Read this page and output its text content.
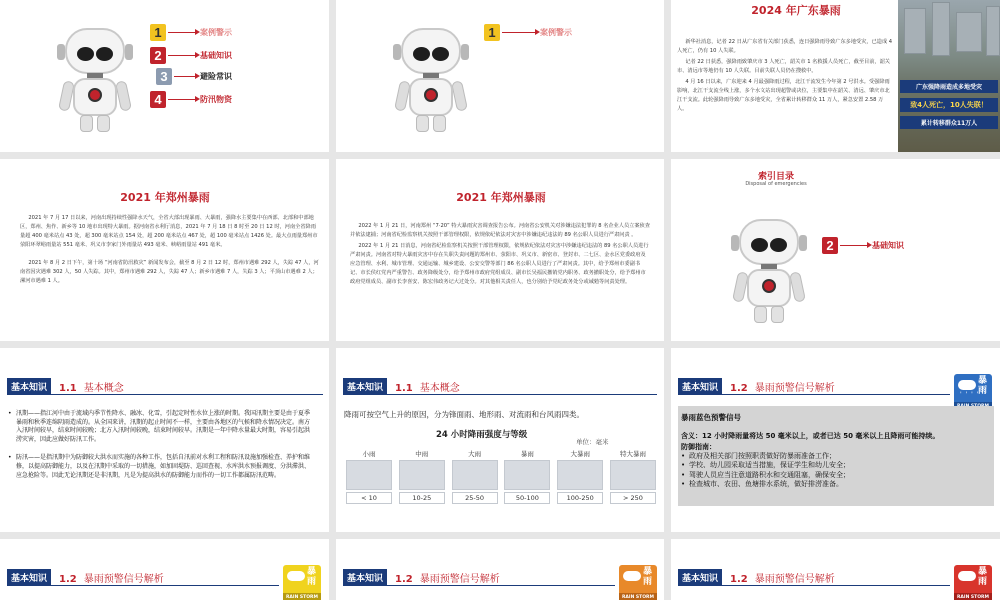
1	案例警示
2	基础知识
3	避险常识
4	防汛物资
1	案例警示
2024 年广东暴雨

新华社消息，记者 22 日从广东省有关部门获悉，连日强降雨导致广东多地受灾，已造成 4 人死亡，仍有 10 人失联。

记者 22 日获悉，强降雨致肇庆市 3 人死亡，韶关市 1 名救援人员死亡，截至目前，韶关市、清远市等地仍有 10 人失联。目前失联人员仍在搜救中。

4 月 16 日以来，广东迎来 4 月最强降雨过程，北江干流发生今年第 2 号洪水。受强降雨影响，北江干支流全线上涨，多个水文站出现超警或决位，主要集中在韶关、清远、肇庆市北江干支流。此轮强降雨导致广东多地受灾，全省累计转移群众 11 万人，紧急安置 2.58 万人。

广东强降雨造成多地受灾
致4人死亡，10人失联！
累计转移群众11万人
2021 年郑州暴雨

2021 年 7 月 17 日以来，河南出现持续性强降水天气，全省大部出现暴雨、大暴雨，强降水主要集中在西部、北部和中部地区，郑州、焦作、新乡等 10 地市出现特大暴雨。据河南省水利厅消息，2021 年 7 月 18 日 8 时至 20 日 12 时，河南全省降雨量超 400 毫米站点 43 处，超 300 毫米站点 154 处，超 200 毫米站点 467 处，超 100 毫米站点 1426 处。最大点雨量郑州市荥阳环翠峪雨量站 551 毫米、巩义市李家门外雨量站 493 毫米、峡峪雨量站 491 毫米。

2021 年 8 月 2 日下午，第十场 “河南省防汛救灾” 新闻发布会，截至 8 月 2 日 12 时，郑州市遇难 292 人，失踪 47 人，河南省因灾遇难 302 人，50 人失踪。其中，郑州市遇难 292 人，失踪 47 人；新乡市遇难 7 人，失踪 3 人；平顶山市遇难 2 人；漯河市遇难 1 人。

2021 年郑州暴雨

2022 年 1 月 21 日，河南郑州 “7·20” 特大暴雨灾害调查报告公布。河南省公安机关对涉嫌违法犯罪的 8 名企业人员立案侦查并依法逮捕；河南省纪检监察机关按照干部管理权限，依规依纪依法对灾害中涉嫌违纪违法的 89 名公职人员进行严肃问责 。

2022 年 1 月 21 日消息，河南省纪检监察机关按照干部管理权限，依规依纪依法对灾害中涉嫌违纪违法的 89 名公职人员进行严肃问责。河南省对特大暴雨灾害中存在失职失责问题的郑州市、荥阳市、巩义市、新密市、登封市、二七区、金水区党委政府及应急管理、水利、城市管理、交通运输、城乡建设、公安交警等部门 86 名公职人员进行了严肃问责。其中，给予郑州市委副书记、市长侯红党内严重警告、政务降级处分，给予郑州市政府党组成员、副市长吴福民撤销党内职务、政务撤职处分，给予郑州市政府党组成员、副市长李喜安、陈宏伟政务记大过处分。对其他相关责任人，也分别给予党纪政务处分或诫勉等问责处理。

索引目录
Disposal of emergencies
2	基础知识
基本知识	1.1 基本概念
• 汛期——指江河中由于流域内季节性降水、融冰、化雪，引起定时性水位上涨的时期。我国汛期主要是由于夏季暴雨和秋季连绵阴雨造成的。从全国来讲，汛期的起止时间不一样，主要由各地区的气候和降水情况决定。南方入汛时间较早，结束时间较晚；北方入汛时间较晚，结束时间较早。汛期是一年中降水量最大时期，容易引起洪涝灾害，因此应做好防汛工作。
• 防汛——是指汛期中为防御较大洪水而实施的各种工作，包括自汛前对水利工程和防汛设施加强检查、养护和维修，以提高防御能力，以及在汛期中采取的一切措施，如加固堤防、巡回查视、水库洪水预报调度、分洪滞洪、应急抢险等。因此无论汛期还是非汛期，凡是为提高洪水的防御能力而作的一切工作都属防汛范畴。
基本知识	1.1 基本概念
降雨可按空气上升的原因，分为锋面雨、地形雨、对流雨和台风雨四类。
24 小时降雨强度与等级
单位：毫米
小雨	中雨	大雨	暴雨	大暴雨	特大暴雨
< 10	10-25	25-50	50-100	100-250	> 250
基本知识	1.2 暴雨预警信号解析
' ' ' '
暴雨
暴雨蓝色预警信号
含义：12 小时降雨量将达 50 毫米以上，或者已达 50 毫米以上且降雨可能持续。
防御指南：
• 政府及相关部门按照职责做好防暴雨准备工作；
• 学校、幼儿园采取适当措施，保证学生和幼儿安全；
• 驾驶人员应当注意道路积水和交通阻塞，确保安全；
• 检查城市、农田、鱼塘排水系统，做好排涝准备。
基本知识	1.2 暴雨预警信号解析
暴雨
RAIN STORM
基本知识	1.2 暴雨预警信号解析
暴雨
RAIN STORM
基本知识	1.2 暴雨预警信号解析
暴雨
RAIN STORM
